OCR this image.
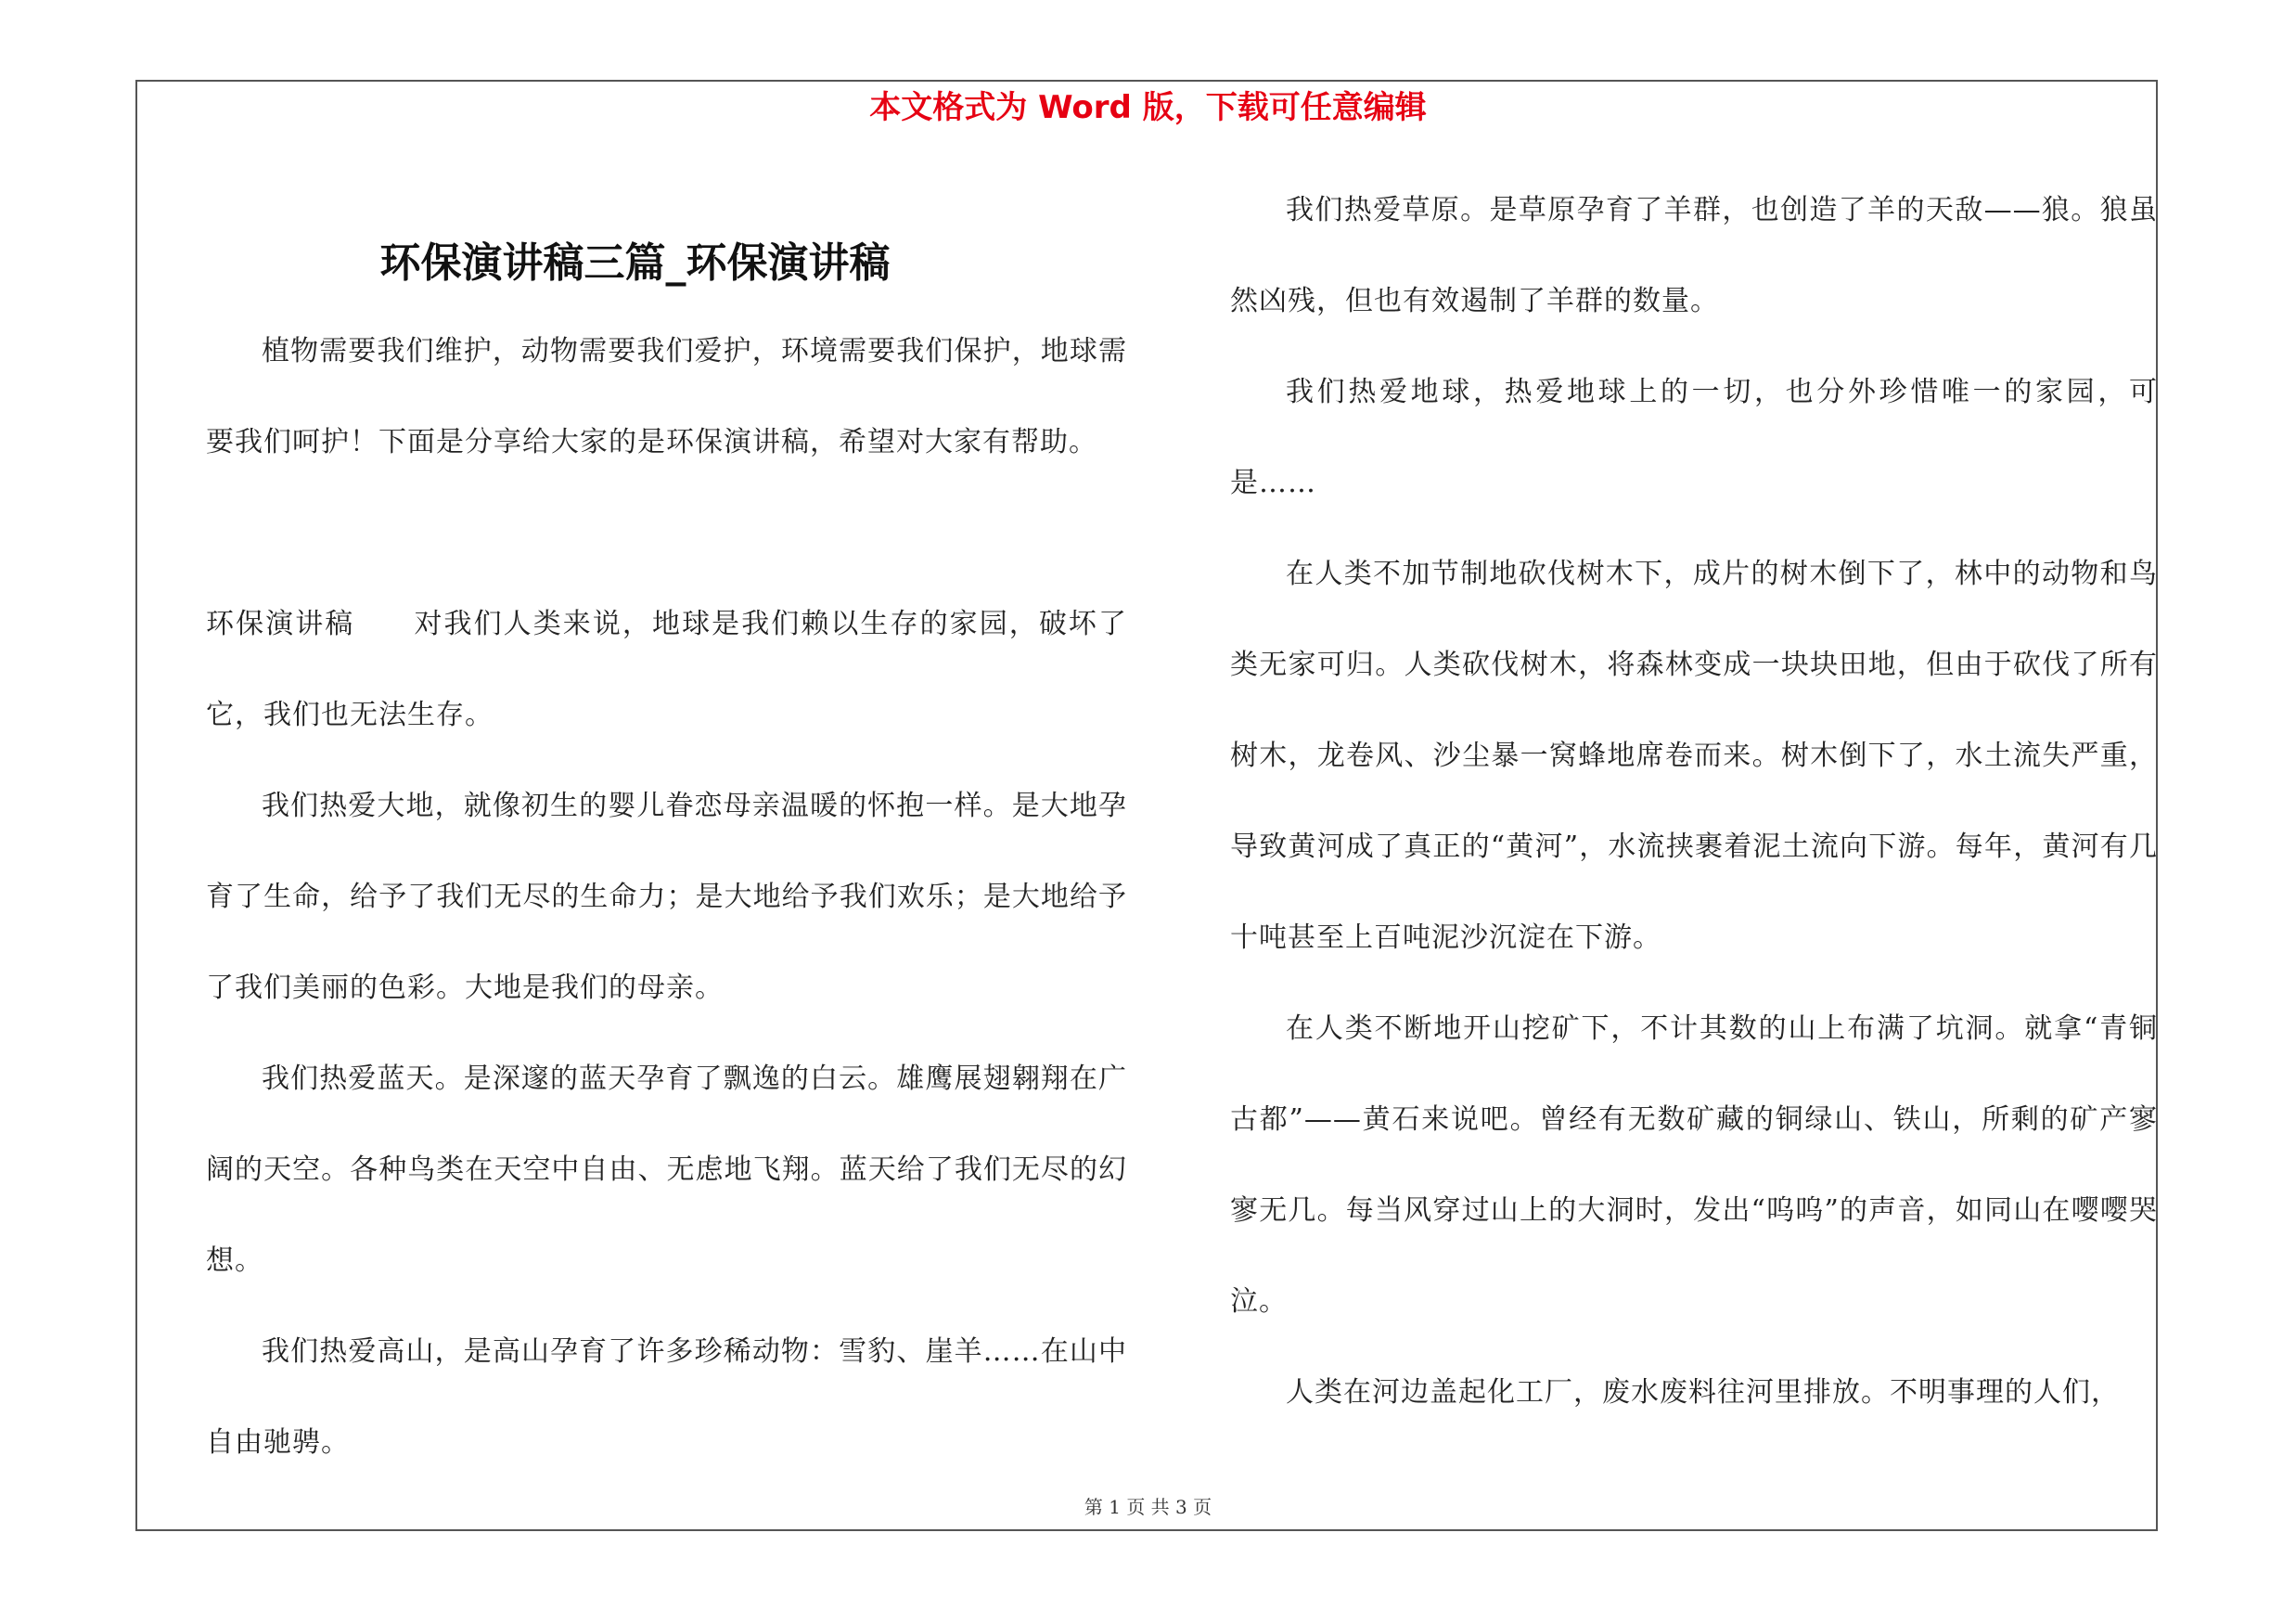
本文格式为 Word 版，下载可任意编辑
环保演讲稿三篇_环保演讲稿

植物需要我们维护，动物需要我们爱护，环境需要我们保护，地球需要我们呵护！下面是分享给大家的是环保演讲稿，希望对大家有帮助。

环保演讲稿　　对我们人类来说，地球是我们赖以生存的家园，破坏了它，我们也无法生存。

我们热爱大地，就像初生的婴儿眷恋母亲温暖的怀抱一样。是大地孕育了生命，给予了我们无尽的生命力；是大地给予我们欢乐；是大地给予了我们美丽的色彩。大地是我们的母亲。

我们热爱蓝天。是深邃的蓝天孕育了飘逸的白云。雄鹰展翅翱翔在广阔的天空。各种鸟类在天空中自由、无虑地飞翔。蓝天给了我们无尽的幻想。

我们热爱高山，是高山孕育了许多珍稀动物：雪豹、崖羊……在山中自由驰骋。

我们热爱草原。是草原孕育了羊群，也创造了羊的天敌——狼。狼虽然凶残，但也有效遏制了羊群的数量。

我们热爱地球，热爱地球上的一切，也分外珍惜唯一的家园，可是……

在人类不加节制地砍伐树木下，成片的树木倒下了，林中的动物和鸟类无家可归。人类砍伐树木，将森林变成一块块田地，但由于砍伐了所有树木，龙卷风、沙尘暴一窝蜂地席卷而来。树木倒下了，水土流失严重，导致黄河成了真正的“黄河”，水流挟裹着泥土流向下游。每年，黄河有几十吨甚至上百吨泥沙沉淀在下游。

在人类不断地开山挖矿下，不计其数的山上布满了坑洞。就拿“青铜古都”——黄石来说吧。曾经有无数矿藏的铜绿山、铁山，所剩的矿产寥寥无几。每当风穿过山上的大洞时，发出“呜呜”的声音，如同山在嘤嘤哭泣。

人类在河边盖起化工厂，废水废料往河里排放。不明事理的人们，

第 1 页 共 3 页
